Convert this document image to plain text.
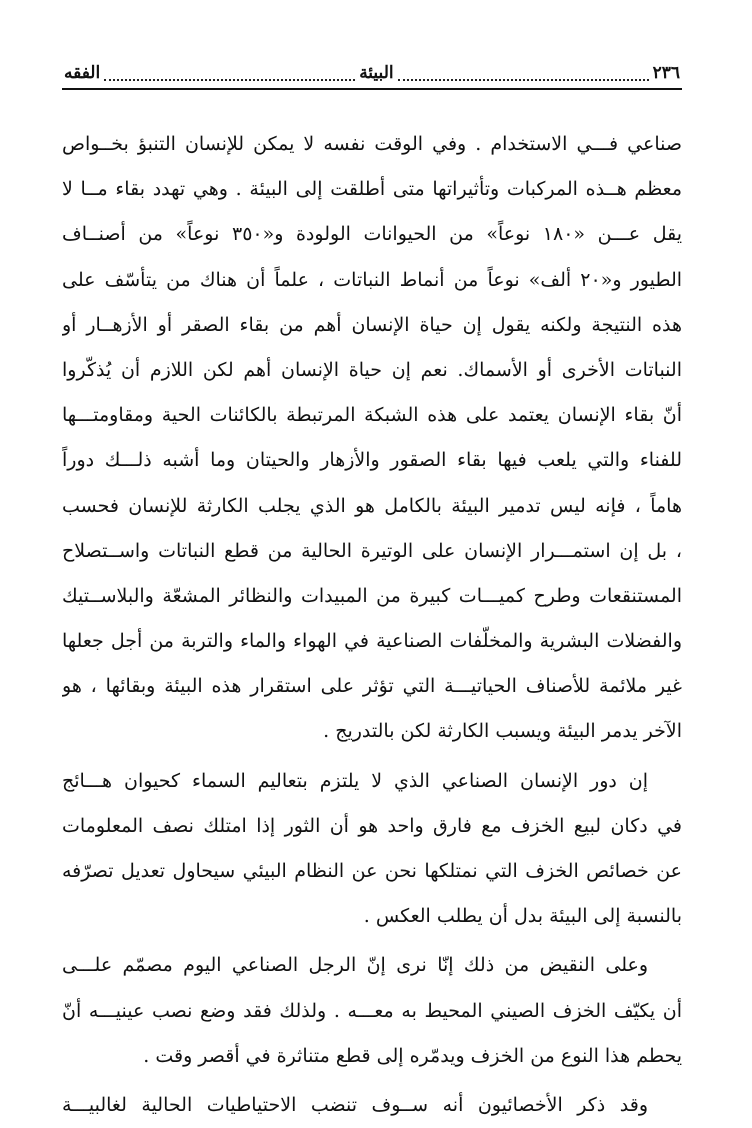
٢٣٦
البيئة
الفقه
صناعي فـــي الاستخدام . وفي الوقت نفسه لا يمكن للإنسان التنبؤ بخــواص
معظم هــذه المركبات وتأثيراتها متى أطلقت إلى البيئة . وهي تهدد بقاء مــا لا
يقل عـــن «١٨٠ نوعاً» من الحيوانات الولودة و«٣٥٠ نوعاً» من أصنــاف
الطيور و«٢٠ ألف» نوعاً من أنماط النباتات ، علماً أن هناك من يتأسّف على
هذه النتيجة ولكنه يقول إن حياة الإنسان أهم من بقاء الصقر أو الأزهــار أو
النباتات الأخرى أو الأسماك. نعم إن حياة الإنسان أهم لكن اللازم أن يُذكّروا
أنّ بقاء الإنسان يعتمد على هذه الشبكة المرتبطة بالكائنات الحية ومقاومتـــها
للفناء والتي يلعب فيها بقاء الصقور والأزهار والحيتان وما أشبه ذلـــك دوراً
هاماً ، فإنه ليس تدمير البيئة بالكامل هو الذي يجلب الكارثة للإنسان فحسب
، بل إن استمـــرار الإنسان على الوتيرة الحالية من قطع النباتات واســتصلاح
المستنقعات وطرح كميـــات كبيرة من المبيدات والنظائر المشعّة والبلاســتيك
والفضلات البشرية والمخلّفات الصناعية في الهواء والماء والتربة من أجل جعلها
غير ملائمة للأصناف الحياتيـــة التي تؤثر على استقرار هذه البيئة وبقائها ، هو
الآخر يدمر البيئة ويسبب الكارثة لكن بالتدريج .
إن دور الإنسان الصناعي الذي لا يلتزم بتعاليم السماء كحيوان هـــائج
في دكان لبيع الخزف مع فارق واحد هو أن الثور إذا امتلك نصف المعلومات
عن خصائص الخزف التي نمتلكها نحن عن النظام البيئي سيحاول تعديل تصرّفه
بالنسبة إلى البيئة بدل أن يطلب العكس .
وعلى النقيض من ذلك إنّا نرى إنّ الرجل الصناعي اليوم مصمّم علـــى
أن يكيّف الخزف الصيني المحيط به معـــه . ولذلك فقد وضع نصب عينيـــه أنّ
يحطم هذا النوع من الخزف ويدمّره إلى قطع متناثرة في أقصر وقت .
وقد ذكر الأخصائيون أنه ســوف تنضب الاحتياطيات الحالية لغالبيـــة
